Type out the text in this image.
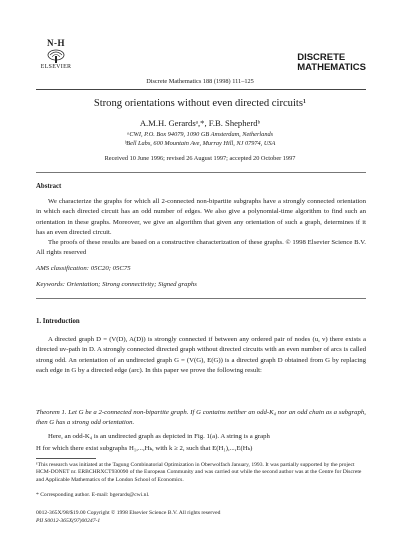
N-H
ELSEVIER
DISCRETE
MATHEMATICS
Discrete Mathematics 188 (1998) 111–125
Strong orientations without even directed circuits¹
A.M.H. Gerardsᵃ,*, F.B. Shepherdᵇ
ᵃCWI, P.O. Box 94079, 1090 GB Amsterdam, Netherlands
ᵇBell Labs, 600 Mountain Ave, Murray Hill, NJ 07974, USA
Received 10 June 1996; revised 26 August 1997; accepted 20 October 1997
Abstract
We characterize the graphs for which all 2-connected non-bipartite subgraphs have a strongly connected orientation in which each directed circuit has an odd number of edges. We also give a polynomial-time algorithm to find such an orientation in these graphs. Moreover, we give an algorithm that given any orientation of such a graph, determines if it has an even directed circuit.
The proofs of these results are based on a constructive characterization of these graphs. © 1998 Elsevier Science B.V. All rights reserved
AMS classification: 05C20; 05C75
Keywords: Orientation; Strong connectivity; Signed graphs
1. Introduction
A directed graph D = (V(D), A(D)) is strongly connected if between any ordered pair of nodes (u, v) there exists a directed uv-path in D. A strongly connected directed graph without directed circuits with an even number of arcs is called strong odd. An orientation of an undirected graph G = (V(G), E(G)) is a directed graph D obtained from G by replacing each edge in G by a directed edge (arc). In this paper we prove the following result:
Theorem 1. Let G be a 2-connected non-bipartite graph. If G contains neither an odd-K₄ nor an odd chain as a subgraph, then G has a strong odd orientation.
Here, an odd-K₄ is an undirected graph as depicted in Fig. 1(a). A string is a graph
H for which there exist subgraphs H₁,...,Hₖ, with k ≥ 2, such that E(H₁),...,E(Hₖ)
¹This research was initiated at the Tagung Combinatorial Optimization in Oberwolfach January, 1993. It was partially supported by the project HCM-DONET nr. ERBCHRXCT930090 of the European Community and was carried out while the second author was at the Centre for Discrete and Applicable Mathematics of the London School of Economics.
* Corresponding author. E-mail: bgerards@cwi.nl.
0012-365X/98/$19.00 Copyright © 1998 Elsevier Science B.V. All rights reserved
PII S0012-365X(97)00247-1
